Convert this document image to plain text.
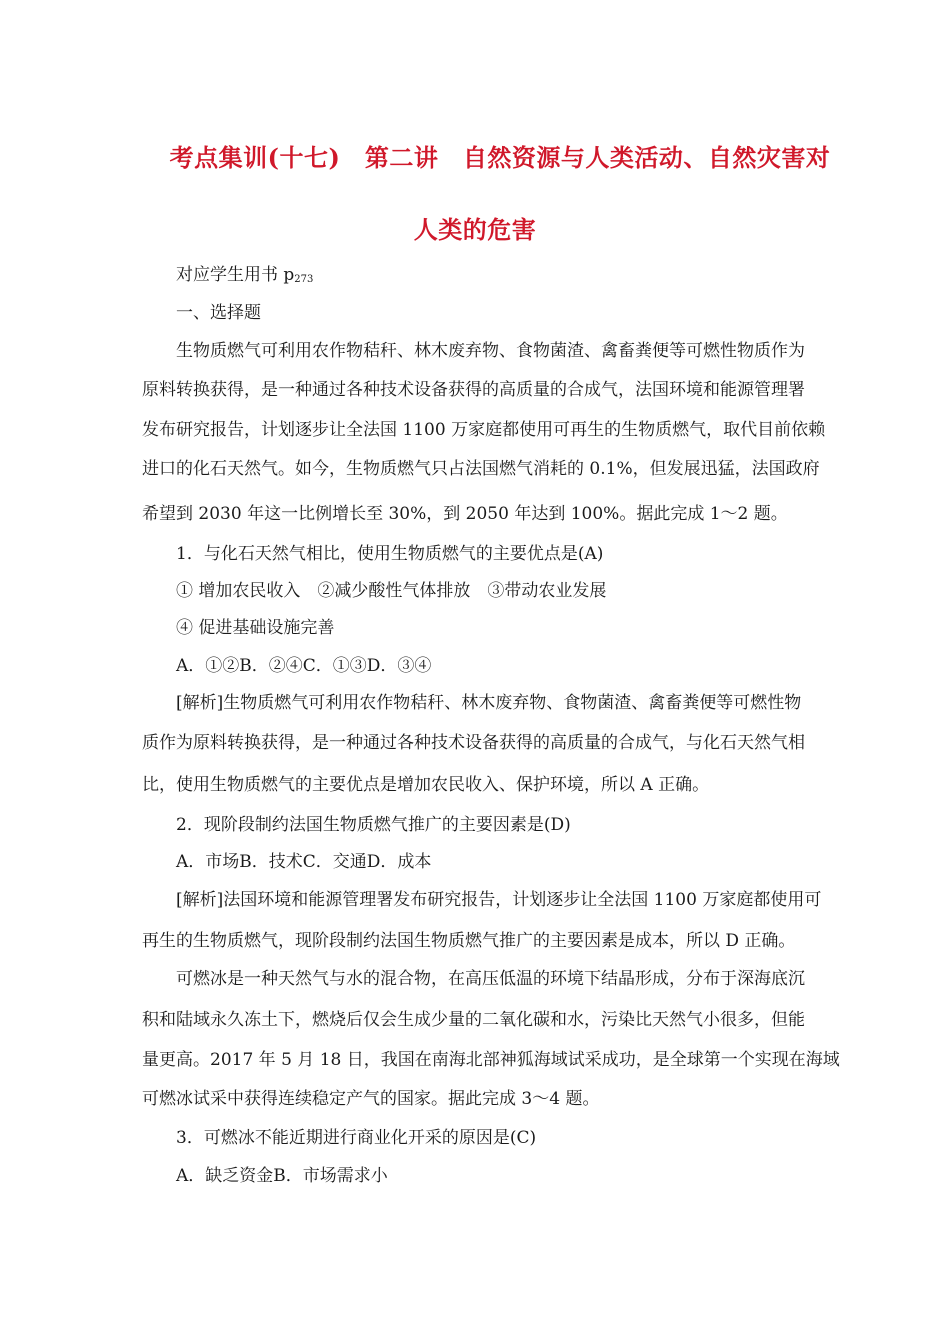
考点集训(十七)　第二讲　自然资源与人类活动、自然灾害对
人类的危害
对应学生用书 $p_{273}$
一、选择题
生物质燃气可利用农作物秸秆、林木废弃物、食物菌渣、禽畜粪便等可燃性物质作为
原料转换获得，是一种通过各种技术设备获得的高质量的合成气，法国环境和能源管理署
发布研究报告，计划逐步让全法国 1100 万家庭都使用可再生的生物质燃气，取代目前依赖
进口的化石天然气。如今，生物质燃气只占法国燃气消耗的 0.1%，但发展迅猛，法国政府
希望到 2030 年这一比例增长至 30%，到 2050 年达到 100%。据此完成 1～2 题。
1．与化石天然气相比，使用生物质燃气的主要优点是(A)
① 增加农民收入　②减少酸性气体排放　③带动农业发展
④ 促进基础设施完善
A．①②B．②④C．①③D．③④
[解析]生物质燃气可利用农作物秸秆、林木废弃物、食物菌渣、禽畜粪便等可燃性物
质作为原料转换获得，是一种通过各种技术设备获得的高质量的合成气，与化石天然气相
比，使用生物质燃气的主要优点是增加农民收入、保护环境，所以 A 正确。
2．现阶段制约法国生物质燃气推广的主要因素是(D)
A．市场B．技术C．交通D．成本
[解析]法国环境和能源管理署发布研究报告，计划逐步让全法国 1100 万家庭都使用可
再生的生物质燃气，现阶段制约法国生物质燃气推广的主要因素是成本，所以 D 正确。
可燃冰是一种天然气与水的混合物，在高压低温的环境下结晶形成，分布于深海底沉
积和陆域永久冻土下，燃烧后仅会生成少量的二氧化碳和水，污染比天然气小很多，但能
量更高。2017 年 5 月 18 日，我国在南海北部神狐海域试采成功，是全球第一个实现在海域
可燃冰试采中获得连续稳定产气的国家。据此完成 3～4 题。
3．可燃冰不能近期进行商业化开采的原因是(C)
A．缺乏资金B．市场需求小
